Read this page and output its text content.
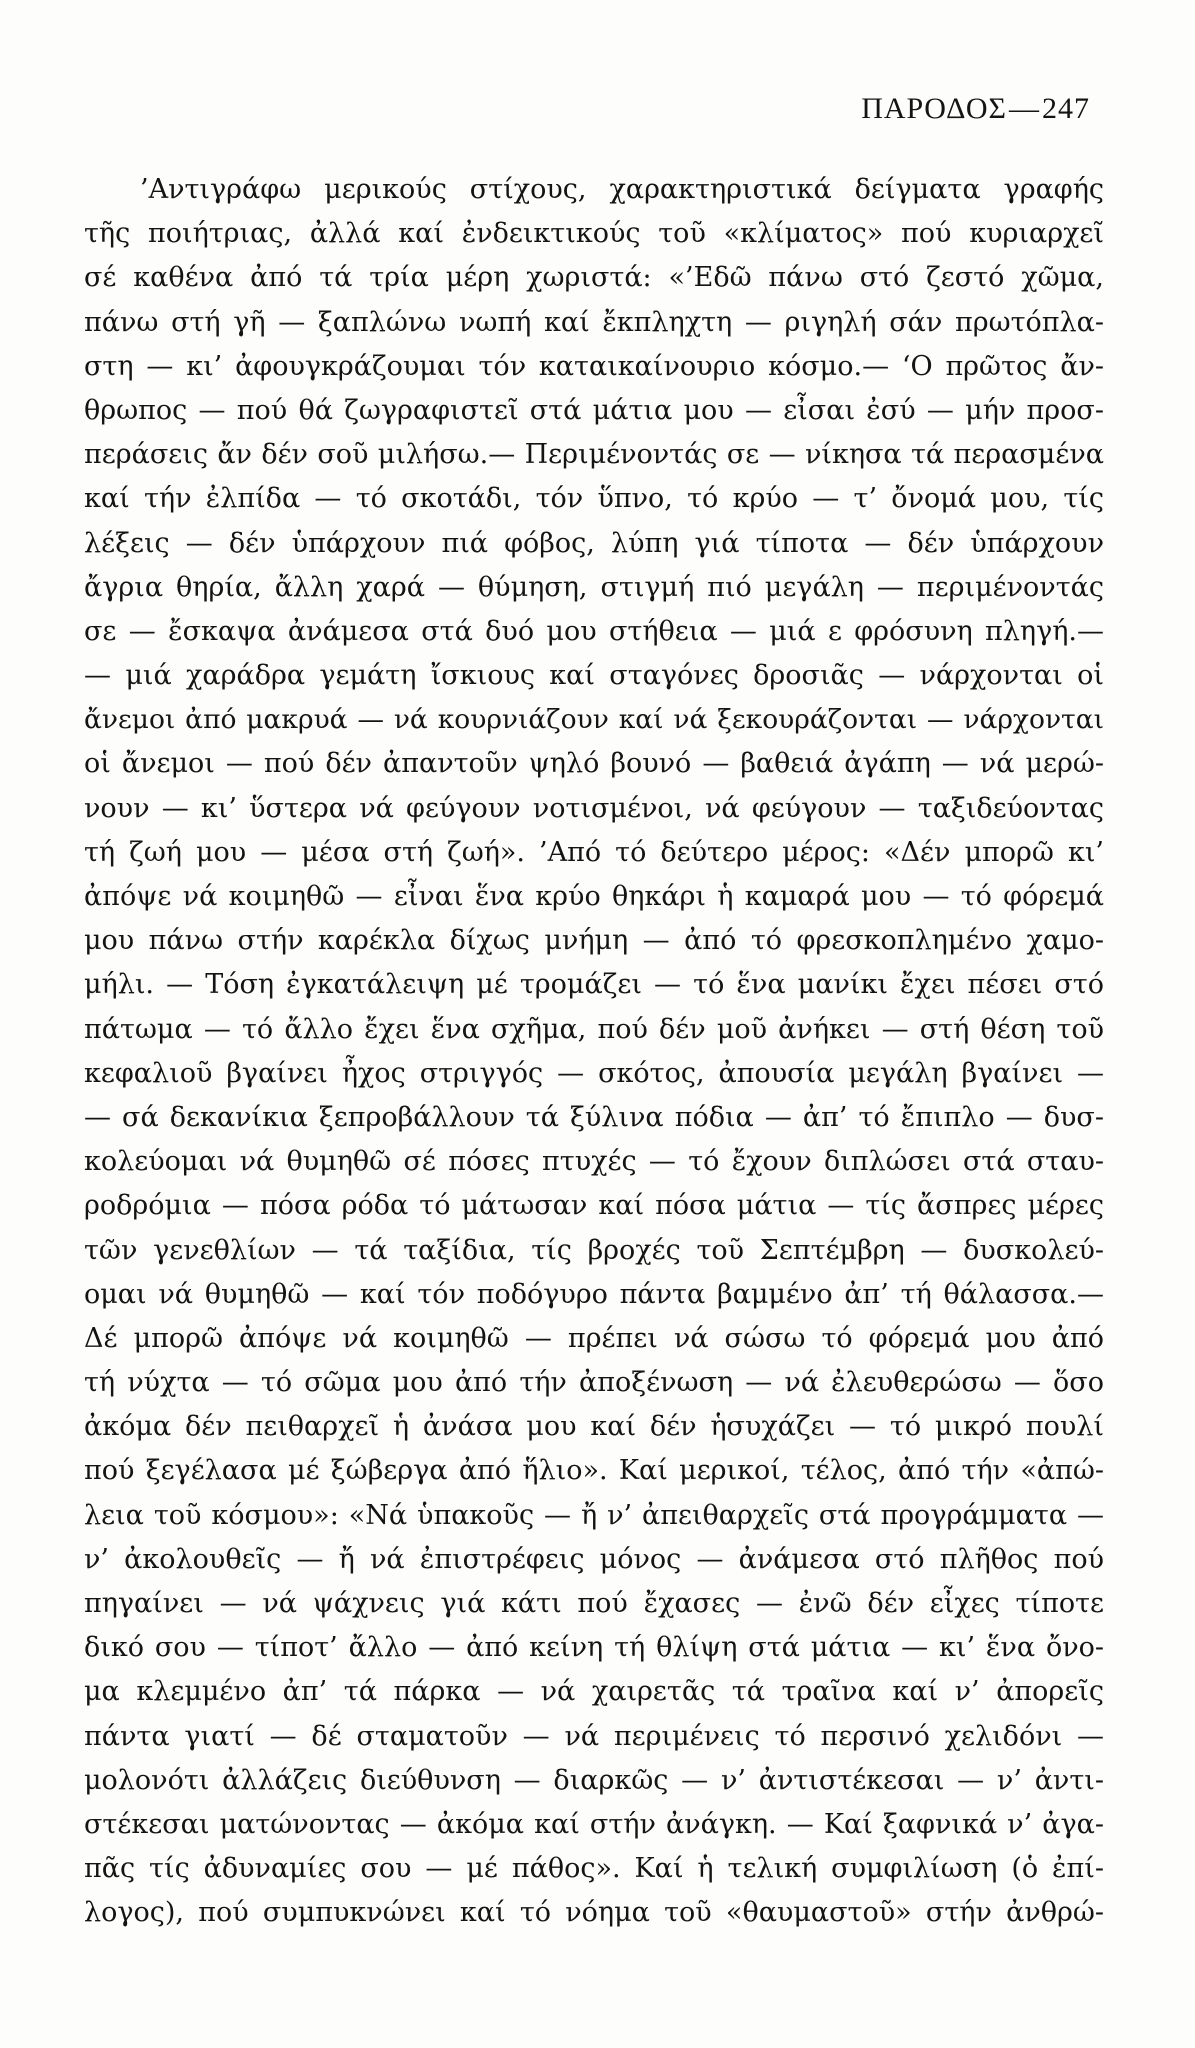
ΠΑΡΟΔΟΣ—247
’Αντιγράφω μερικούς στίχους, χαρακτηριστικά δείγματα γραφής
τῆς ποιήτριας, ἀλλά καί ἐνδεικτικούς τοῦ «κλίματος» πού κυριαρχεῖ
σέ καθένα ἀπό τά τρία μέρη χωριστά: «’Εδῶ πάνω στό ζεστό χῶμα,
πάνω στή γῆ — ξαπλώνω νωπή καί ἔκπληχτη — ριγηλή σάν πρωτόπλα-
στη — κι’ ἀφουγκράζουμαι τόν καταικαίνουριο κόσμο.— ‘Ο πρῶτος ἄν-
θρωπος — πού θά ζωγραφιστεῖ στά μάτια μου — εἶσαι ἐσύ — μήν προσ-
περάσεις ἄν δέν σοῦ μιλήσω.— Περιμένοντάς σε — νίκησα τά περασμένα
καί τήν ἐλπίδα — τό σκοτάδι, τόν ὕπνο, τό κρύο — τ’ ὄνομά μου, τίς
λέξεις — δέν ὑπάρχουν πιά φόβος, λύπη γιά τίποτα — δέν ὑπάρχουν
ἄγρια θηρία, ἄλλη χαρά — θύμηση, στιγμή πιό μεγάλη — περιμένοντάς
σε — ἔσκαψα ἀνάμεσα στά δυό μου στήθεια — μιά ε φρόσυνη πληγή.—
— μιά χαράδρα γεμάτη ἴσκιους καί σταγόνες δροσιᾶς — νάρχονται οἱ
ἄνεμοι ἀπό μακρυά — νά κουρνιάζουν καί νά ξεκουράζονται — νάρχονται
οἱ ἄνεμοι — πού δέν ἀπαντοῦν ψηλό βουνό — βαθειά ἀγάπη — νά μερώ-
νουν — κι’ ὕστερα νά φεύγουν νοτισμένοι, νά φεύγουν — ταξιδεύοντας
τή ζωή μου — μέσα στή ζωή». ’Από τό δεύτερο μέρος: «Δέν μπορῶ κι’
ἀπόψε νά κοιμηθῶ — εἶναι ἕνα κρύο θηκάρι ἡ καμαρά μου — τό φόρεμά
μου πάνω στήν καρέκλα δίχως μνήμη — ἀπό τό φρεσκοπλημένο χαμο-
μήλι. — Τόση ἐγκατάλειψη μέ τρομάζει — τό ἕνα μανίκι ἔχει πέσει στό
πάτωμα — τό ἄλλο ἔχει ἕνα σχῆμα, πού δέν μοῦ ἀνήκει — στή θέση τοῦ
κεφαλιοῦ βγαίνει ἦχος στριγγός — σκότος, ἀπουσία μεγάλη βγαίνει —
— σά δεκανίκια ξεπροβάλλουν τά ξύλινα πόδια — ἀπ’ τό ἔπιπλο — δυσ-
κολεύομαι νά θυμηθῶ σέ πόσες πτυχές — τό ἔχουν διπλώσει στά σταυ-
ροδρόμια — πόσα ρόδα τό μάτωσαν καί πόσα μάτια — τίς ἄσπρες μέρες
τῶν γενεθλίων — τά ταξίδια, τίς βροχές τοῦ Σεπτέμβρη — δυσκολεύ-
ομαι νά θυμηθῶ — καί τόν ποδόγυρο πάντα βαμμένο ἀπ’ τή θάλασσα.—
Δέ μπορῶ ἀπόψε νά κοιμηθῶ — πρέπει νά σώσω τό φόρεμά μου ἀπό
τή νύχτα — τό σῶμα μου ἀπό τήν ἀποξένωση — νά ἐλευθερώσω — ὅσο
ἀκόμα δέν πειθαρχεῖ ἡ ἀνάσα μου καί δέν ἡσυχάζει — τό μικρό πουλί
πού ξεγέλασα μέ ξώβεργα ἀπό ἥλιο». Καί μερικοί, τέλος, ἀπό τήν «ἀπώ-
λεια τοῦ κόσμου»: «Νά ὑπακοῦς — ἤ ν’ ἀπειθαρχεῖς στά προγράμματα —
ν’ ἀκολουθεῖς — ἤ νά ἐπιστρέφεις μόνος — ἀνάμεσα στό πλῆθος πού
πηγαίνει — νά ψάχνεις γιά κάτι πού ἔχασες — ἐνῶ δέν εἶχες τίποτε
δικό σου — τίποτ’ ἄλλο — ἀπό κείνη τή θλίψη στά μάτια — κι’ ἕνα ὄνο-
μα κλεμμένο ἀπ’ τά πάρκα — νά χαιρετᾶς τά τραῖνα καί ν’ ἀπορεῖς
πάντα γιατί — δέ σταματοῦν — νά περιμένεις τό περσινό χελιδόνι —
μολονότι ἀλλάζεις διεύθυνση — διαρκῶς — ν’ ἀντιστέκεσαι — ν’ ἀντι-
στέκεσαι ματώνοντας — ἀκόμα καί στήν ἀνάγκη. — Καί ξαφνικά ν’ ἀγα-
πᾶς τίς ἀδυναμίες σου — μέ πάθος». Καί ἡ τελική συμφιλίωση (ὁ ἐπί-
λογος), πού συμπυκνώνει καί τό νόημα τοῦ «θαυμαστοῦ» στήν ἀνθρώ-
